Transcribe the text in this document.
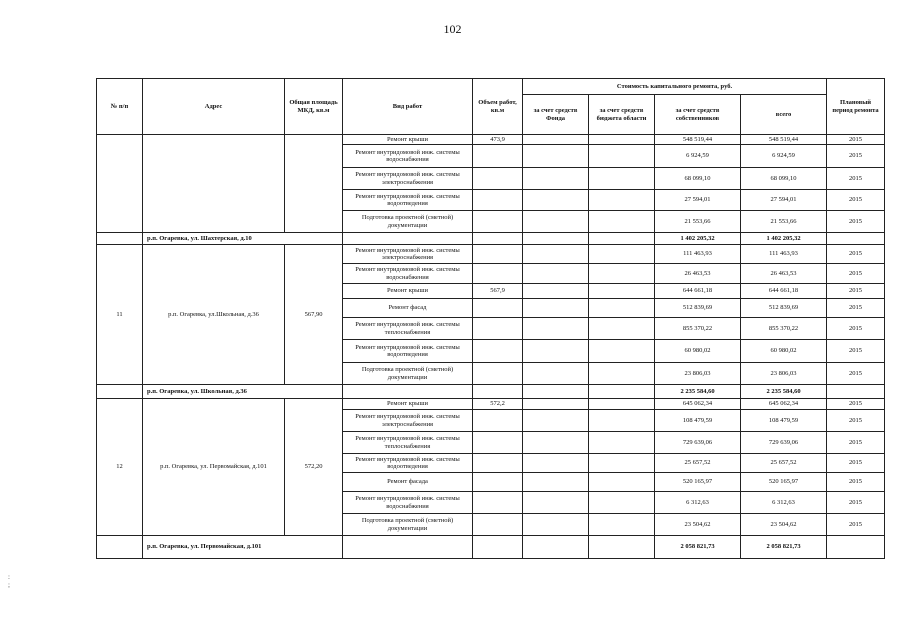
102
№ п/п	Адрес	Общая площадь МКД, кв.м	Вид работ	Объем работ, кв.м	Стоимость капитального ремонта, руб.				Плановый период ремонта
					за счет средств Фонда	за счет средств бюджета области	за счет средств собственников	всего	
			Ремонт крыши	473,9			548 519,44	548 519,44	2015
			Ремонт внутридомовой инж. системы водоснабжения				6 924,59	6 924,59	2015
			Ремонт внутридомовой инж. системы электроснабжения				68 099,10	68 099,10	2015
			Ремонт внутридомовой инж. системы водоотведения				27 594,01	27 594,01	2015
			Подготовка проектной (сметной) документации				21 553,66	21 553,66	2015
	р.п. Огаревка, ул. Шахтерская, д.10						1 402 205,32	1 402 205,32	
11	р.п. Огаревка, ул.Школьная, д.36	567,90	Ремонт внутридомовой инж. системы электроснабжения				111 463,93	111 463,93	2015
			Ремонт внутридомовой инж. системы водоснабжения				26 463,53	26 463,53	2015
			Ремонт крыши	567,9			644 661,18	644 661,18	2015
			Ремонт фасад				512 839,69	512 839,69	2015
			Ремонт внутридомовой инж. системы теплоснабжения				855 370,22	855 370,22	2015
			Ремонт внутридомовой инж. системы водоотведения				60 980,02	60 980,02	2015
			Подготовка проектной (сметной) документации				23 806,03	23 806,03	2015
	р.п. Огаревка, ул. Школьная, д.36						2 235 584,60	2 235 584,60	
12	р.п. Огаревка, ул. Первомайская, д.101	572,20	Ремонт крыши	572,2			645 062,34	645 062,34	2015
			Ремонт внутридомовой инж. системы электроснабжения				108 479,59	108 479,59	2015
			Ремонт внутридомовой инж. системы теплоснабжения				729 639,06	729 639,06	2015
			Ремонт внутридомовой инж. системы водоотведения				25 657,52	25 657,52	2015
			Ремонт фасада				520 165,97	520 165,97	2015
			Ремонт внутридомовой инж. системы водоснабжения				6 312,63	6 312,63	2015
			Подготовка проектной (сметной) документации				23 504,62	23 504,62	2015
	р.п. Огаревка, ул. Первомайская, д.101						2 058 821,73	2 058 821,73	
:
;
